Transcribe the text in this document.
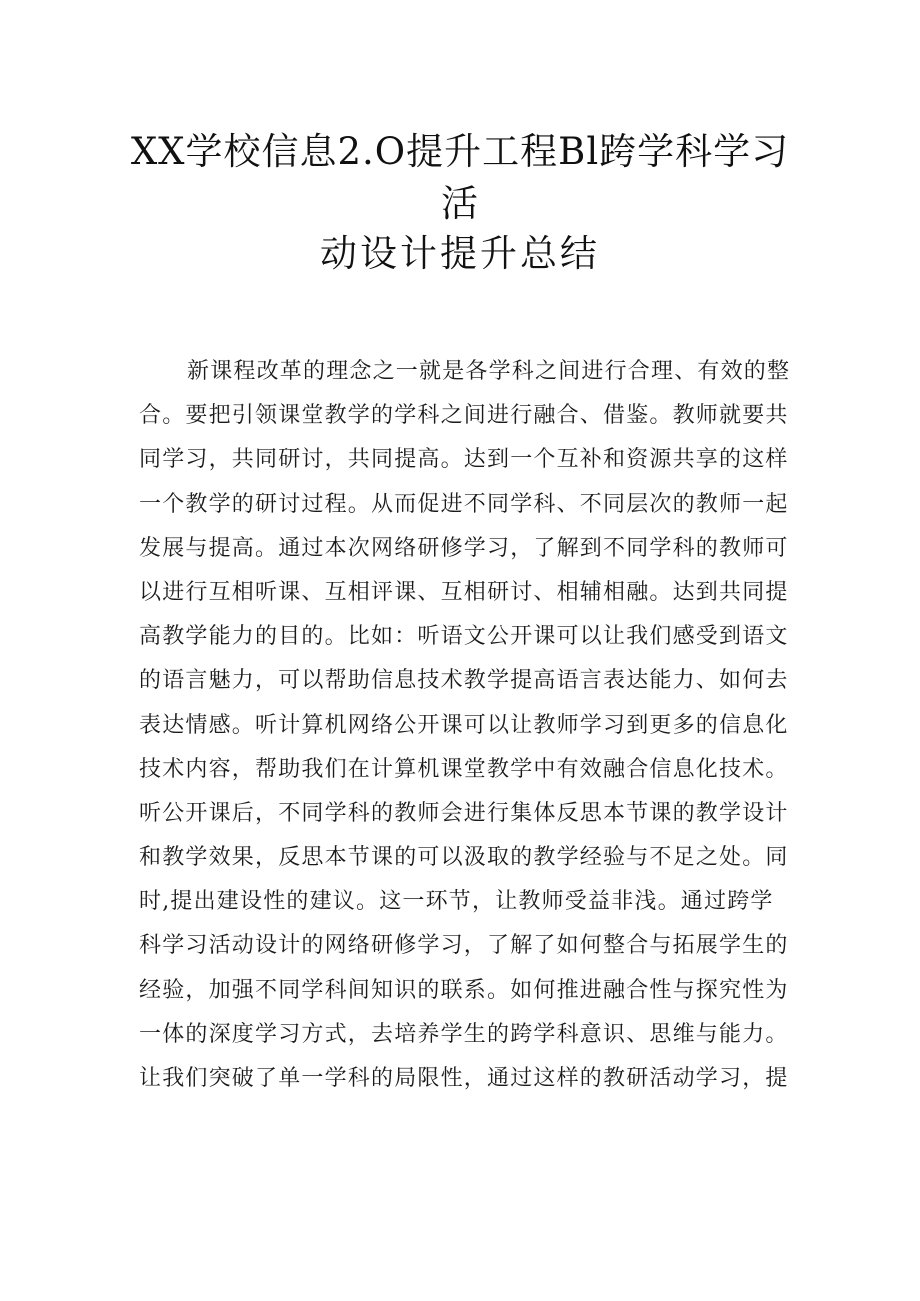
XX学校信息2.O提升工程Bl跨学科学习
活
动设计提升总结
新课程改革的理念之一就是各学科之间进行合理、有效的整
合。要把引领课堂教学的学科之间进行融合、借鉴。教师就要共
同学习，共同研讨，共同提高。达到一个互补和资源共享的这样
一个教学的研讨过程。从而促进不同学科、不同层次的教师一起
发展与提高。通过本次网络研修学习，了解到不同学科的教师可
以进行互相听课、互相评课、互相研讨、相辅相融。达到共同提
高教学能力的目的。比如：听语文公开课可以让我们感受到语文
的语言魅力，可以帮助信息技术教学提高语言表达能力、如何去
表达情感。听计算机网络公开课可以让教师学习到更多的信息化
技术内容，帮助我们在计算机课堂教学中有效融合信息化技术。
听公开课后，不同学科的教师会进行集体反思本节课的教学设计
和教学效果，反思本节课的可以汲取的教学经验与不足之处。同
时,提出建设性的建议。这一环节，让教师受益非浅。通过跨学
科学习活动设计的网络研修学习，了解了如何整合与拓展学生的
经验，加强不同学科间知识的联系。如何推进融合性与探究性为
一体的深度学习方式，去培养学生的跨学科意识、思维与能力。
让我们突破了单一学科的局限性，通过这样的教研活动学习，提
